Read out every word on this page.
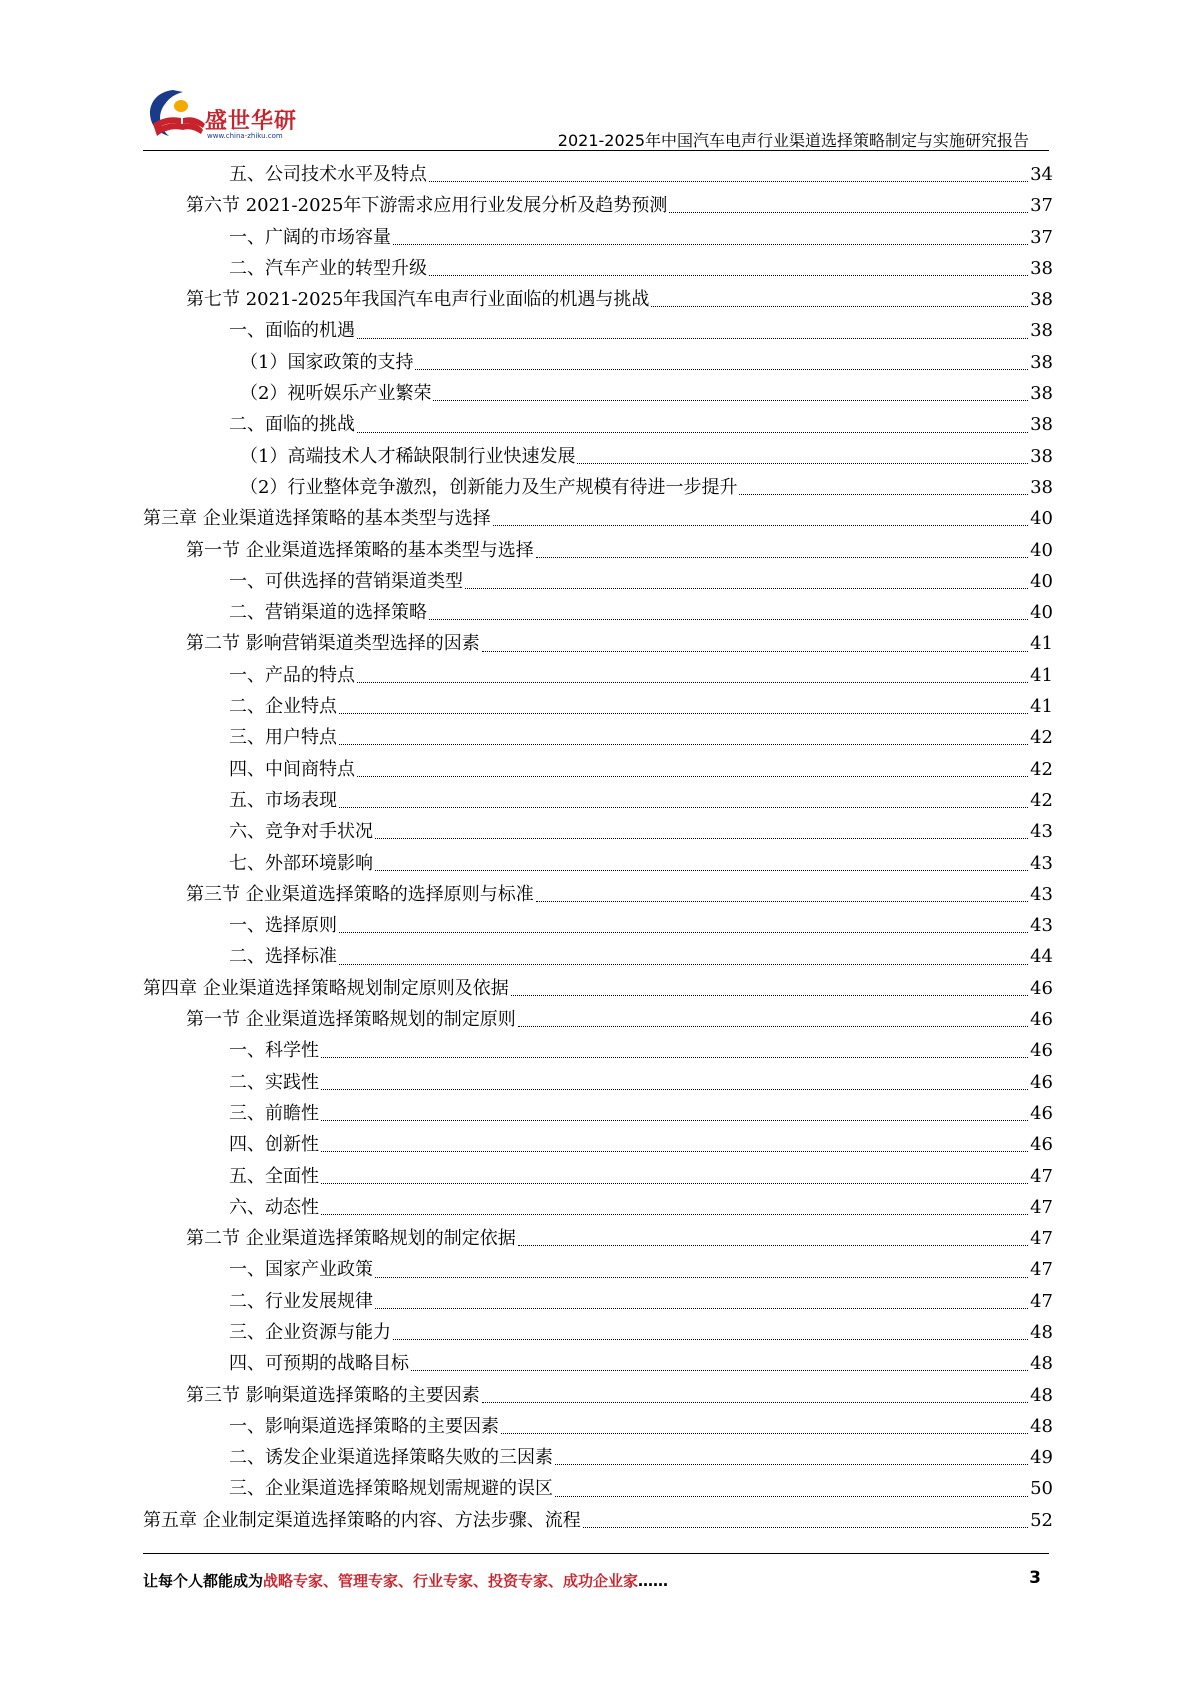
盛世华研
www.china-zhiku.com	2021-2025年中国汽车电声行业渠道选择策略制定与实施研究报告
五、公司技术水平及特点	34
第六节 2021-2025年下游需求应用行业发展分析及趋势预测	37
一、广阔的市场容量	37
二、汽车产业的转型升级	38
第七节 2021-2025年我国汽车电声行业面临的机遇与挑战	38
一、面临的机遇	38
（1）国家政策的支持	38
（2）视听娱乐产业繁荣	38
二、面临的挑战	38
（1）高端技术人才稀缺限制行业快速发展	38
（2）行业整体竞争激烈，创新能力及生产规模有待进一步提升	38
第三章 企业渠道选择策略的基本类型与选择	40
第一节 企业渠道选择策略的基本类型与选择	40
一、可供选择的营销渠道类型	40
二、营销渠道的选择策略	40
第二节 影响营销渠道类型选择的因素	41
一、产品的特点	41
二、企业特点	41
三、用户特点	42
四、中间商特点	42
五、市场表现	42
六、竞争对手状况	43
七、外部环境影响	43
第三节 企业渠道选择策略的选择原则与标准	43
一、选择原则	43
二、选择标准	44
第四章 企业渠道选择策略规划制定原则及依据	46
第一节 企业渠道选择策略规划的制定原则	46
一、科学性	46
二、实践性	46
三、前瞻性	46
四、创新性	46
五、全面性	47
六、动态性	47
第二节 企业渠道选择策略规划的制定依据	47
一、国家产业政策	47
二、行业发展规律	47
三、企业资源与能力	48
四、可预期的战略目标	48
第三节 影响渠道选择策略的主要因素	48
一、影响渠道选择策略的主要因素	48
二、诱发企业渠道选择策略失败的三因素	49
三、企业渠道选择策略规划需规避的误区	50
第五章 企业制定渠道选择策略的内容、方法步骤、流程	52
让每个人都能成为战略专家、管理专家、行业专家、投资专家、成功企业家……	3
